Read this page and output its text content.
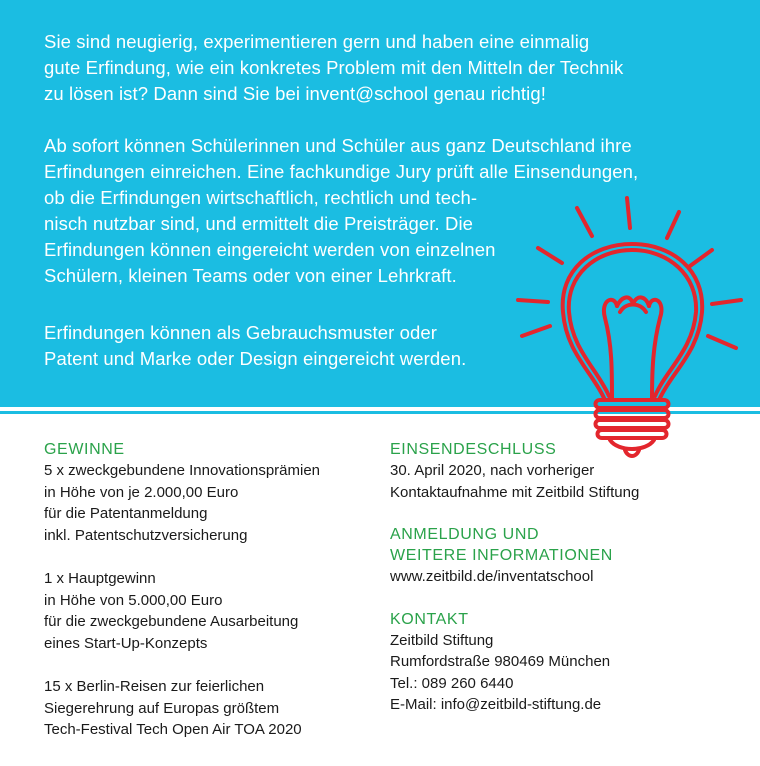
Sie sind neugierig, experimentieren gern und haben eine einmalig
gute Erfindung, wie ein konkretes Problem mit den Mitteln der Technik
zu lösen ist? Dann sind Sie bei invent@school genau richtig!
Ab sofort können Schülerinnen und Schüler aus ganz Deutschland ihre
Erfindungen einreichen. Eine fachkundige Jury prüft alle Einsendungen,
ob die Erfindungen wirtschaftlich, rechtlich und tech-
nisch nutzbar sind, und ermittelt die Preisträger. Die
Erfindungen können eingereicht werden von einzelnen
Schülern, kleinen Teams oder von einer Lehrkraft.
Erfindungen können als Gebrauchsmuster oder
Patent und Marke oder Design eingereicht werden.
GEWINNE
5 x zweckgebundene Innovationsprämien
in Höhe von je 2.000,00 Euro
für die Patentanmeldung
inkl. Patentschutzversicherung
1 x Hauptgewinn
in Höhe von 5.000,00 Euro
für die zweckgebundene Ausarbeitung
eines Start-Up-Konzepts
15 x Berlin-Reisen zur feierlichen
Siegerehrung auf Europas größtem
Tech-Festival Tech Open Air TOA 2020
EINSENDESCHLUSS
30. April 2020, nach vorheriger
Kontaktaufnahme mit Zeitbild Stiftung
ANMELDUNG UND
WEITERE INFORMATIONEN
www.zeitbild.de/inventatschool
KONTAKT
Zeitbild Stiftung
Rumfordstraße 980469 München
Tel.: 089 260 6440
E-Mail: info@zeitbild-stiftung.de
